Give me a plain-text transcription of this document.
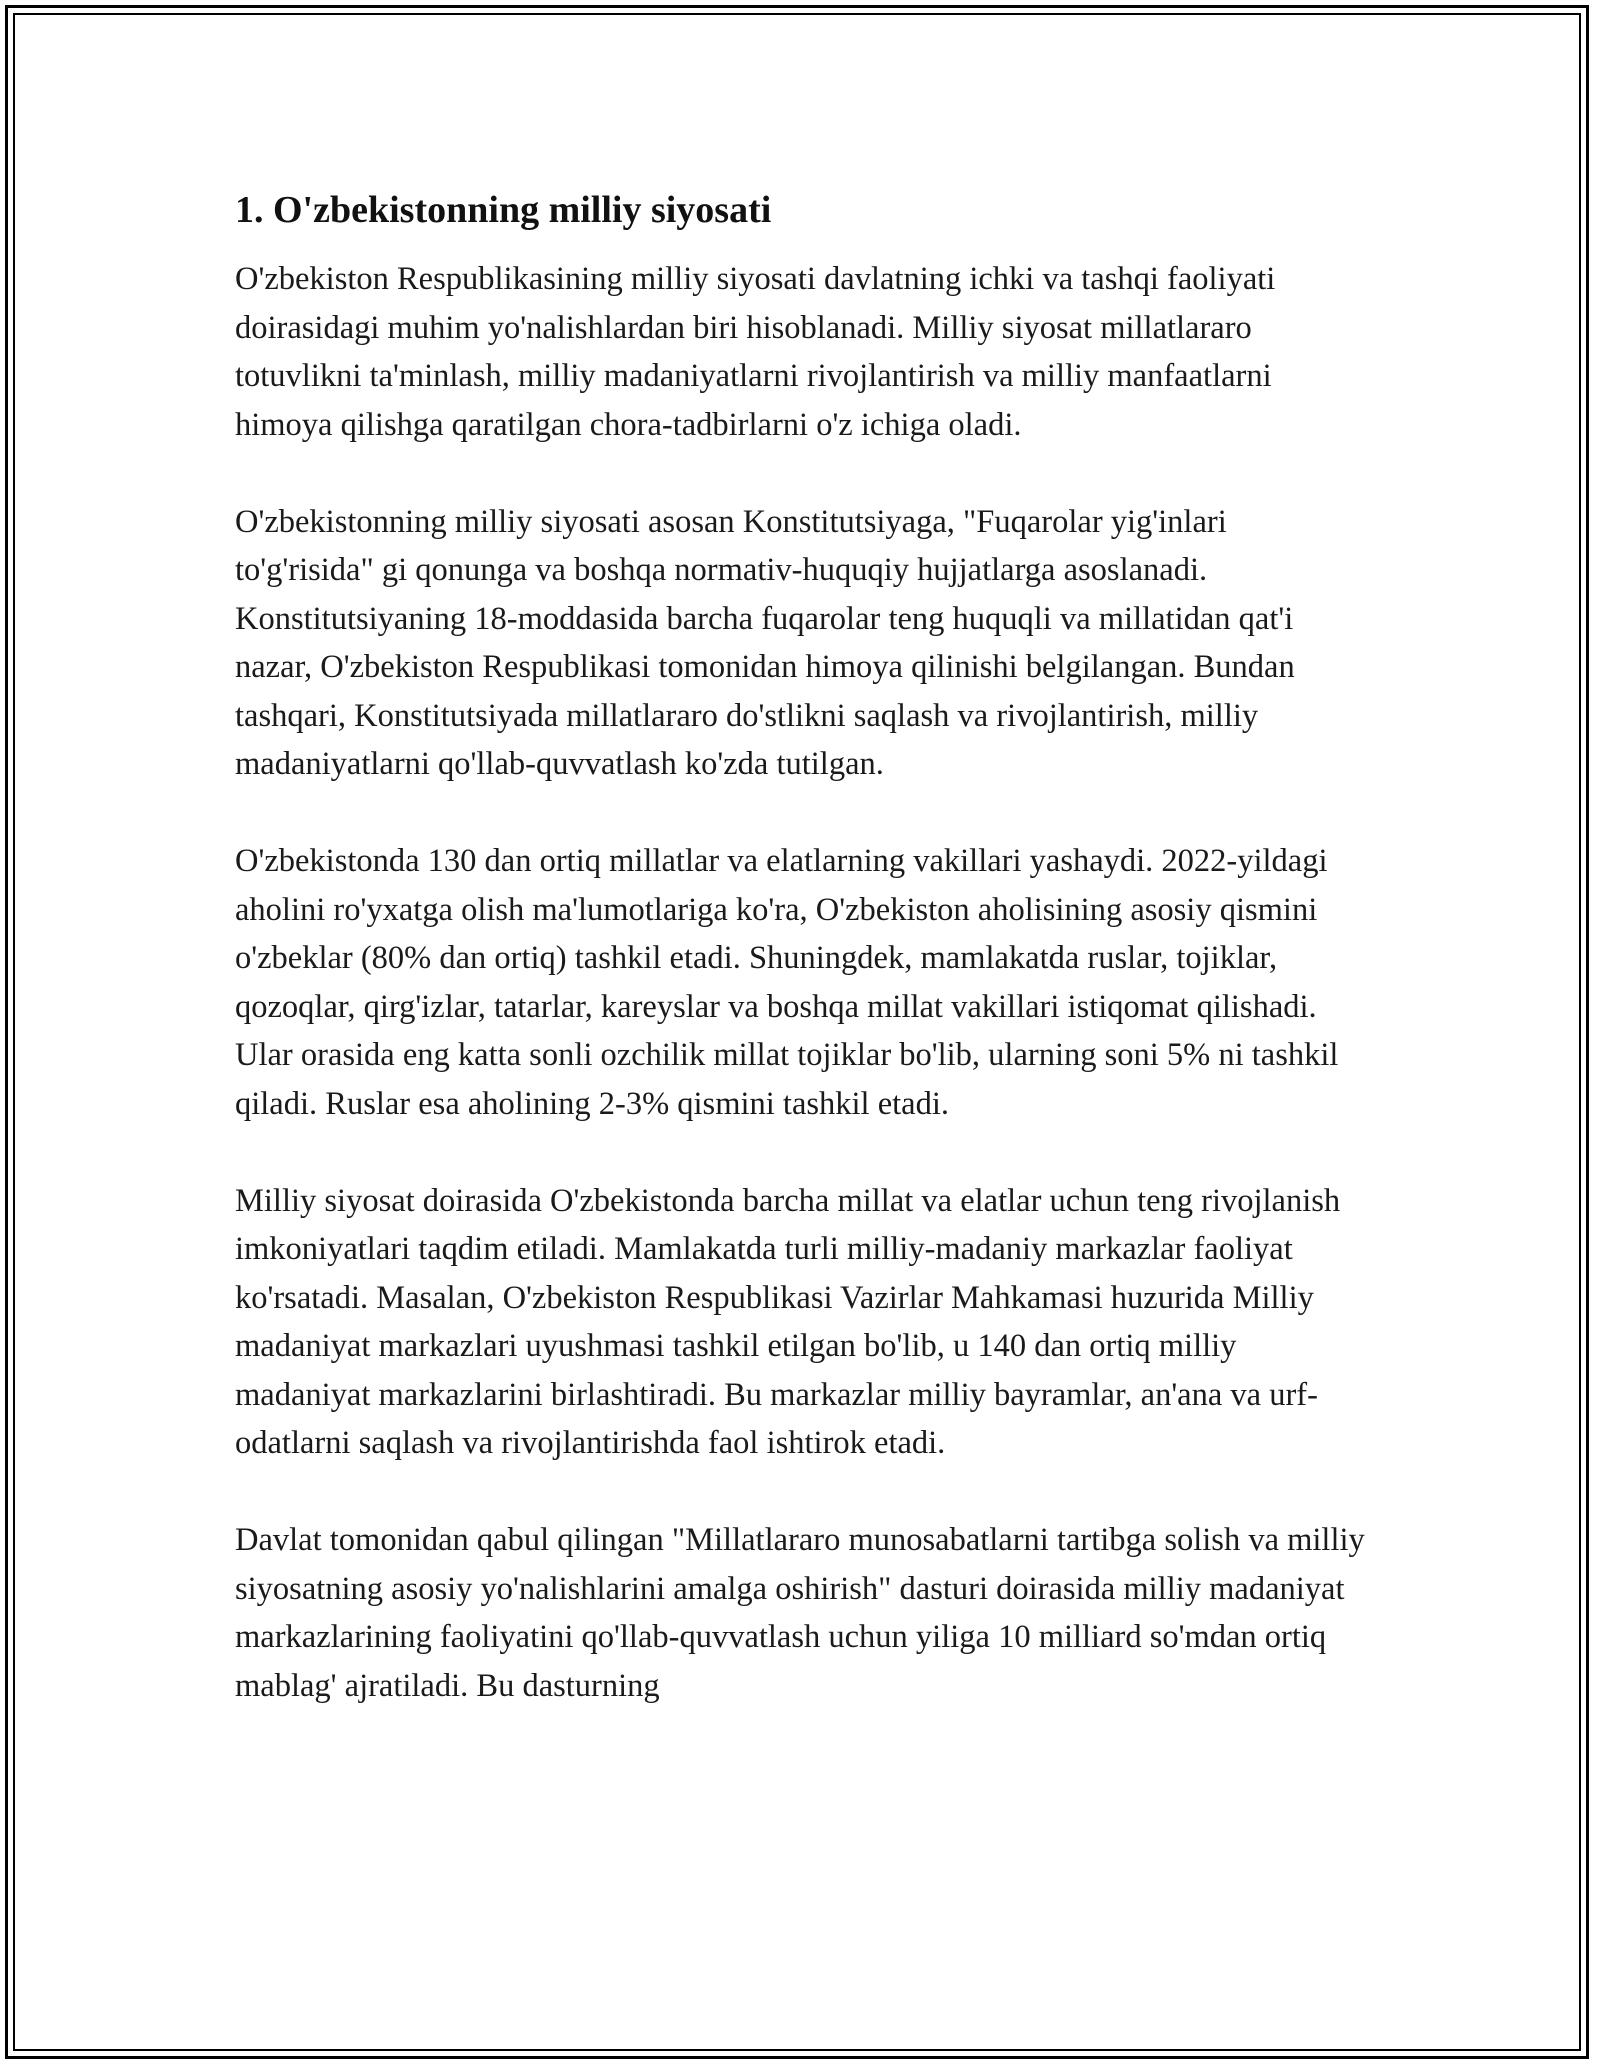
1. O'zbekistonning milliy siyosati

O'zbekiston Respublikasining milliy siyosati davlatning ichki va tashqi faoliyati doirasidagi muhim yo'nalishlardan biri hisoblanadi. Milliy siyosat millatlararo totuvlikni ta'minlash, milliy madaniyatlarni rivojlantirish va milliy manfaatlarni himoya qilishga qaratilgan chora-tadbirlarni o'z ichiga oladi.

O'zbekistonning milliy siyosati asosan Konstitutsiyaga, "Fuqarolar yig'inlari to'g'risida" gi qonunga va boshqa normativ-huquqiy hujjatlarga asoslanadi. Konstitutsiyaning 18-moddasida barcha fuqarolar teng huquqli va millatidan qat'i nazar, O'zbekiston Respublikasi tomonidan himoya qilinishi belgilangan. Bundan tashqari, Konstitutsiyada millatlararo do'stlikni saqlash va rivojlantirish, milliy madaniyatlarni qo'llab-quvvatlash ko'zda tutilgan.

O'zbekistonda 130 dan ortiq millatlar va elatlarning vakillari yashaydi. 2022-yildagi aholini ro'yxatga olish ma'lumotlariga ko'ra, O'zbekiston aholisining asosiy qismini o'zbeklar (80% dan ortiq) tashkil etadi. Shuningdek, mamlakatda ruslar, tojiklar, qozoqlar, qirg'izlar, tatarlar, kareyslar va boshqa millat vakillari istiqomat qilishadi. Ular orasida eng katta sonli ozchilik millat tojiklar bo'lib, ularning soni 5% ni tashkil qiladi. Ruslar esa aholining 2-3% qismini tashkil etadi.

Milliy siyosat doirasida O'zbekistonda barcha millat va elatlar uchun teng rivojlanish imkoniyatlari taqdim etiladi. Mamlakatda turli milliy-madaniy markazlar faoliyat ko'rsatadi. Masalan, O'zbekiston Respublikasi Vazirlar Mahkamasi huzurida Milliy madaniyat markazlari uyushmasi tashkil etilgan bo'lib, u 140 dan ortiq milliy madaniyat markazlarini birlashtiradi. Bu markazlar milliy bayramlar, an'ana va urf-odatlarni saqlash va rivojlantirishda faol ishtirok etadi.

Davlat tomonidan qabul qilingan "Millatlararo munosabatlarni tartibga solish va milliy siyosatning asosiy yo'nalishlarini amalga oshirish" dasturi doirasida milliy madaniyat markazlarining faoliyatini qo'llab-quvvatlash uchun yiliga 10 milliard so'mdan ortiq mablag' ajratiladi. Bu dasturning
